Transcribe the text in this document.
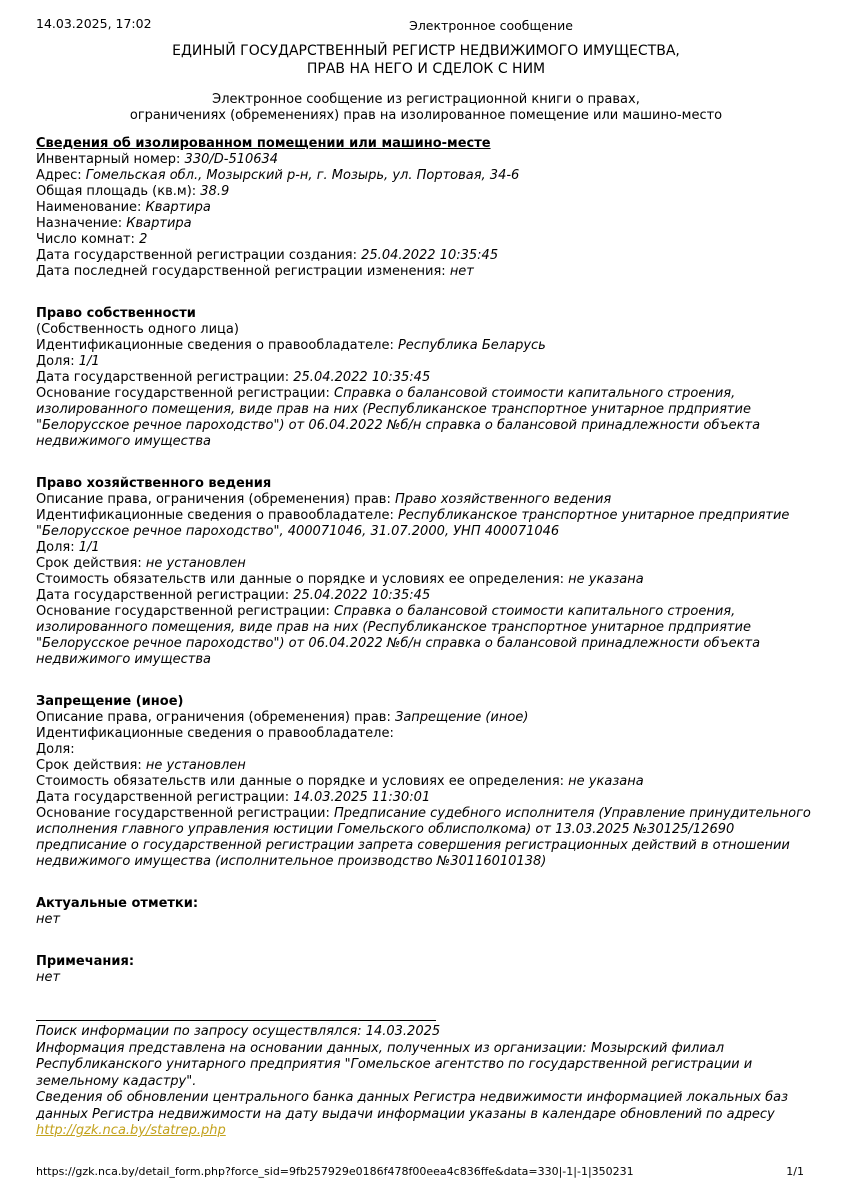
14.03.2025, 17:02	Электронное сообщение
ЕДИНЫЙ ГОСУДАРСТВЕННЫЙ РЕГИСТР НЕДВИЖИМОГО ИМУЩЕСТВА,
ПРАВ НА НЕГО И СДЕЛОК С НИМ
Электронное сообщение из регистрационной книги о правах,
ограничениях (обременениях) прав на изолированное помещение или машино-место
Сведения об изолированном помещении или машино-месте
Инвентарный номер: 330/D-510634
Адрес: Гомельская обл., Мозырский р-н, г. Мозырь, ул. Портовая, 34-6
Общая площадь (кв.м): 38.9
Наименование: Квартира
Назначение: Квартира
Число комнат: 2
Дата государственной регистрации создания: 25.04.2022 10:35:45
Дата последней государственной регистрации изменения: нет
Право собственности
(Собственность одного лица)
Идентификационные сведения о правообладателе: Республика Беларусь
Доля: 1/1
Дата государственной регистрации: 25.04.2022 10:35:45
Основание государственной регистрации: Справка о балансовой стоимости капитального строения, изолированного помещения, виде прав на них (Республиканское транспортное унитарное прдприятие "Белорусское речное пароходство") от 06.04.2022 №б/н справка о балансовой принадлежности объекта недвижимого имущества
Право хозяйственного ведения
Описание права, ограничения (обременения) прав: Право хозяйственного ведения
Идентификационные сведения о правообладателе: Республиканское транспортное унитарное предприятие "Белорусское речное пароходство", 400071046, 31.07.2000, УНП 400071046
Доля: 1/1
Срок действия: не установлен
Стоимость обязательств или данные о порядке и условиях ее определения: не указана
Дата государственной регистрации: 25.04.2022 10:35:45
Основание государственной регистрации: Справка о балансовой стоимости капитального строения, изолированного помещения, виде прав на них (Республиканское транспортное унитарное прдприятие "Белорусское речное пароходство") от 06.04.2022 №б/н справка о балансовой принадлежности объекта недвижимого имущества
Запрещение (иное)
Описание права, ограничения (обременения) прав: Запрещение (иное)
Идентификационные сведения о правообладателе:
Доля:
Срок действия: не установлен
Стоимость обязательств или данные о порядке и условиях ее определения: не указана
Дата государственной регистрации: 14.03.2025 11:30:01
Основание государственной регистрации: Предписание судебного исполнителя (Управление принудительного исполнения главного управления юстиции Гомельского облисполкома) от 13.03.2025 №30125/12690 предписание о государственной регистрации запрета совершения регистрационных действий в отношении недвижимого имущества (исполнительное производство №30116010138)
Актуальные отметки:
нет
Примечания:
нет
Поиск информации по запросу осуществлялся: 14.03.2025
Информация представлена на основании данных, полученных из организации: Мозырский филиал Республиканского унитарного предприятия "Гомельское агентство по государственной регистрации и земельному кадастру".
Сведения об обновлении центрального банка данных Регистра недвижимости информацией локальных баз данных Регистра недвижимости на дату выдачи информации указаны в календаре обновлений по адресу
http://gzk.nca.by/statrep.php
https://gzk.nca.by/detail_form.php?force_sid=9fb257929e0186f478f00eea4c836ffe&data=330|-1|-1|350231	1/1
